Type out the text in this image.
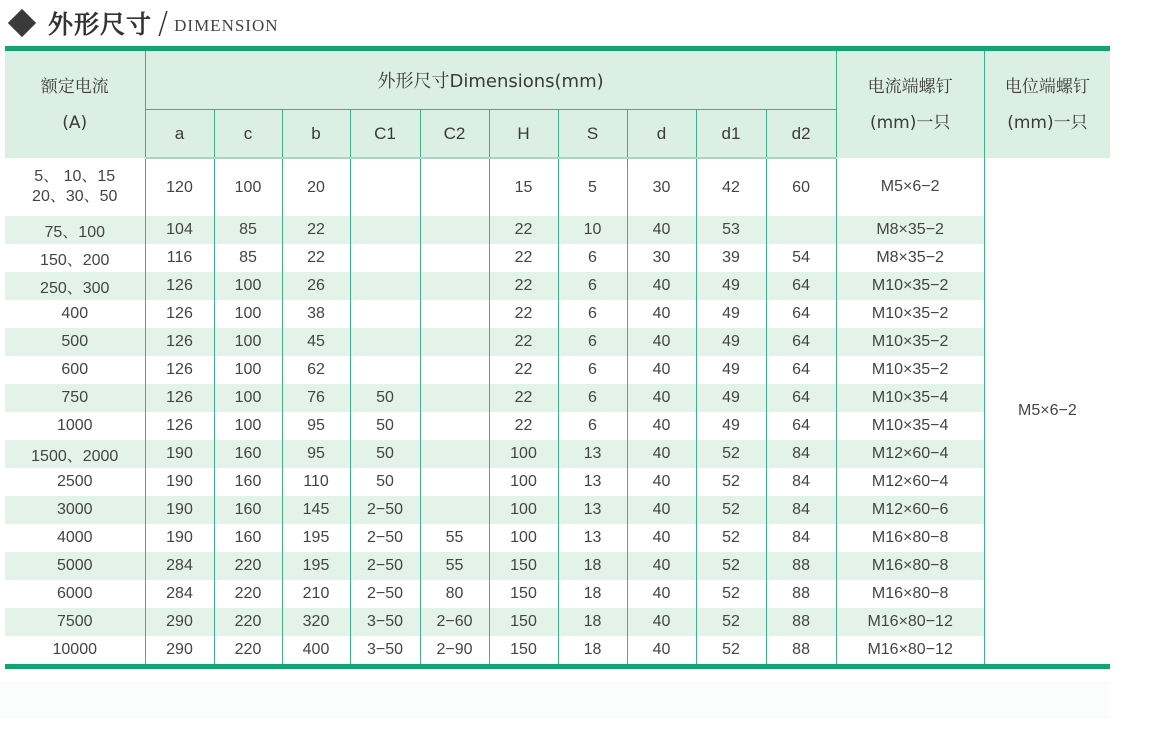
外形尺寸 / DIMENSION
额定电流
(A)
	外形尺寸Dimensions(mm)	电流端螺钉
(mm)一只

电位端螺钉
(mm)一只

	a	c	b	C1	C2	H	S	d	d1	d2		

5、 10、15
20、30、50	120	100	20			15	5	30	42	60	M5×6−2	M5×6−2
75、100	104	85	22			22	10	40	53		M8×35−2	
150、200	116	85	22			22	6	30	39	54	M8×35−2	
250、300	126	100	26			22	6	40	49	64	M10×35−2	
400	126	100	38			22	6	40	49	64	M10×35−2	
500	126	100	45			22	6	40	49	64	M10×35−2	
600	126	100	62			22	6	40	49	64	M10×35−2	
750	126	100	76	50		22	6	40	49	64	M10×35−4	
1000	126	100	95	50		22	6	40	49	64	M10×35−4	
1500、2000	190	160	95	50		100	13	40	52	84	M12×60−4	
2500	190	160	110	50		100	13	40	52	84	M12×60−4	
3000	190	160	145	2−50		100	13	40	52	84	M12×60−6	
4000	190	160	195	2−50	55	100	13	40	52	84	M16×80−8	
5000	284	220	195	2−50	55	150	18	40	52	88	M16×80−8	
6000	284	220	210	2−50	80	150	18	40	52	88	M16×80−8	
7500	290	220	320	3−50	2−60	150	18	40	52	88	M16×80−12	
10000	290	220	400	3−50	2−90	150	18	40	52	88	M16×80−12	
